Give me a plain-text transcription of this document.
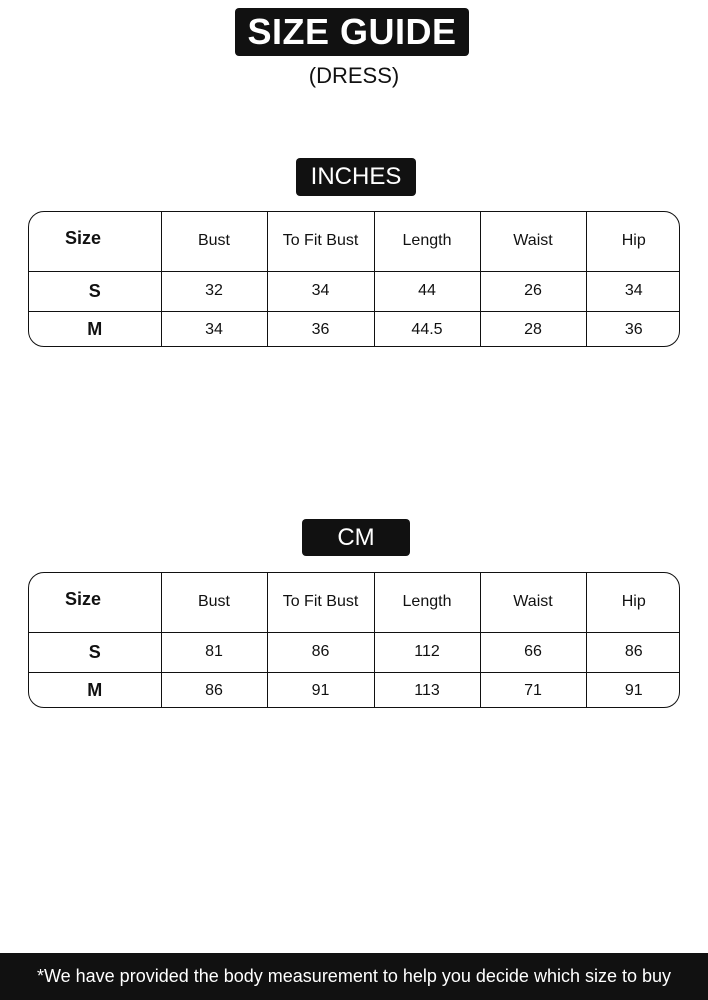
SIZE GUIDE
(DRESS)
INCHES
Size	Bust	To Fit Bust	Length	Waist	Hip
S	32	34	44	26	34
M	34	36	44.5	28	36
CM
Size	Bust	To Fit Bust	Length	Waist	Hip
S	81	86	112	66	86
M	86	91	113	71	91
*We have provided the body measurement to help you decide which size to buy
